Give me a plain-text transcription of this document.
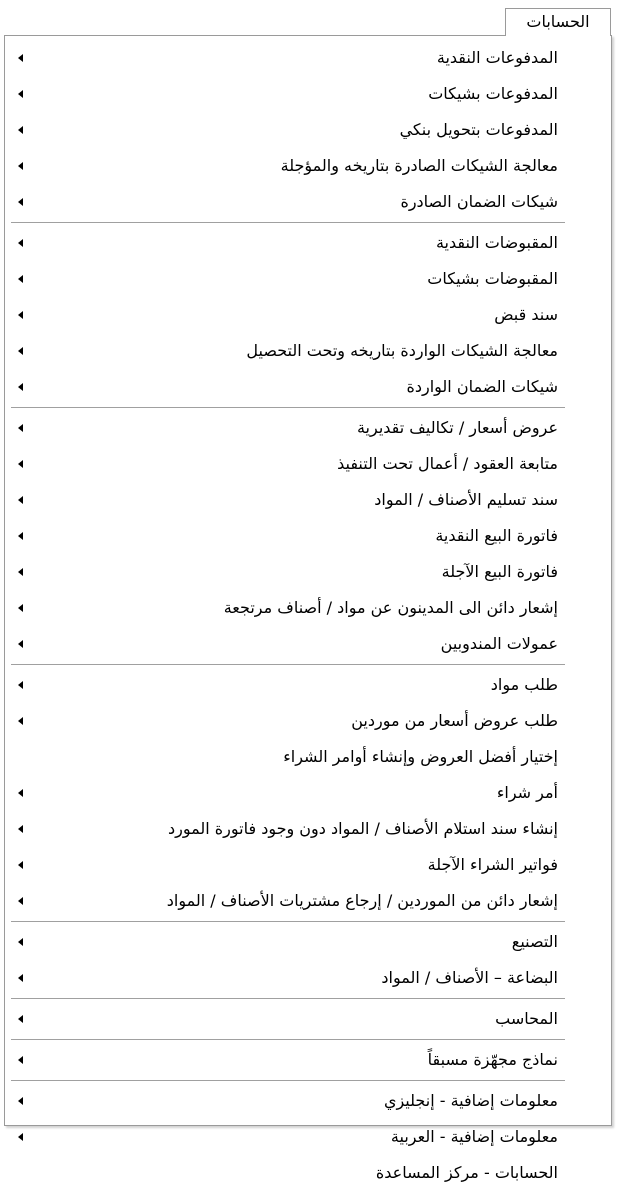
الحسابات
المدفوعات النقدية
المدفوعات بشيكات
المدفوعات بتحويل بنكي
معالجة الشيكات الصادرة بتاريخه والمؤجلة
شيكات الضمان الصادرة
المقبوضات النقدية
المقبوضات بشيكات
سند قبض
معالجة الشيكات الواردة بتاريخه وتحت التحصيل
شيكات الضمان الواردة
عروض أسعار / تكاليف تقديرية
متابعة العقود / أعمال تحت التنفيذ
سند تسليم الأصناف / المواد
فاتورة البيع النقدية
فاتورة البيع الآجلة
إشعار دائن الى المدينون عن مواد / أصناف مرتجعة
عمولات المندوبين
طلب مواد
طلب عروض أسعار من موردين
إختيار أفضل العروض وإنشاء أوامر الشراء
أمر شراء
إنشاء سند استلام الأصناف / المواد دون وجود فاتورة المورد
فواتير الشراء الآجلة
إشعار دائن من الموردين / إرجاع مشتريات الأصناف / المواد
التصنيع
البضاعة – الأصناف / المواد
المحاسب
نماذج مجهّزة مسبقاً
معلومات إضافية - إنجليزي
معلومات إضافية - العربية
الحسابات - مركز المساعدة
